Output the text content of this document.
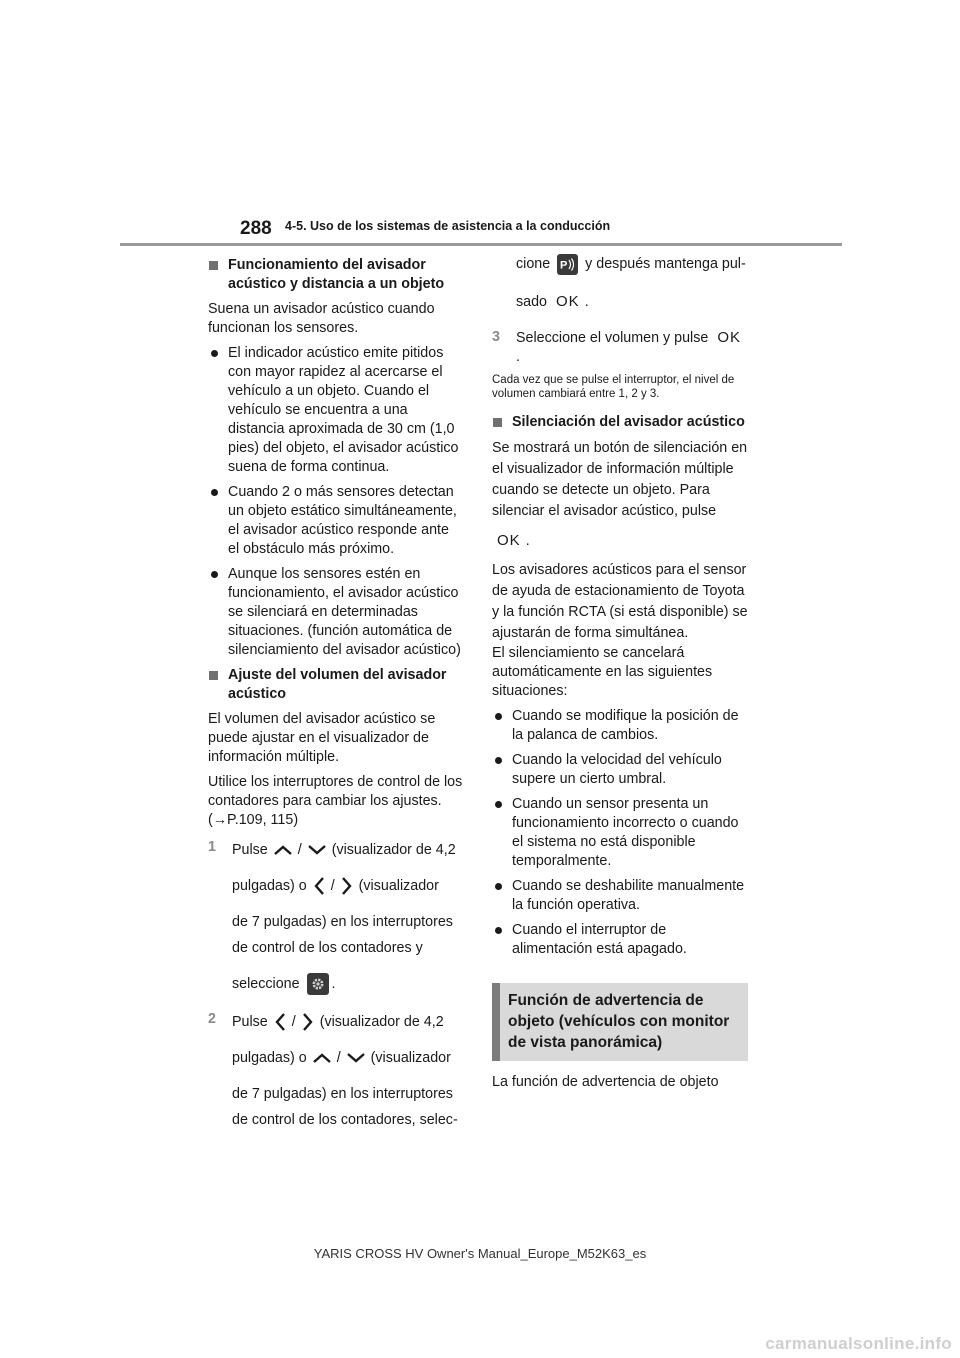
288 4-5. Uso de los sistemas de asistencia a la conducción
Funcionamiento del avisador acústico y distancia a un objeto

Suena un avisador acústico cuando funcionan los sensores.

El indicador acústico emite pitidos con mayor rapidez al acercarse el vehículo a un objeto. Cuando el vehículo se encuentra a una distancia aproximada de 30 cm (1,0 pies) del objeto, el avisador acústico suena de forma continua.
Cuando 2 o más sensores detectan un objeto estático simultáneamente, el avisador acústico responde ante el obstáculo más próximo.
Aunque los sensores estén en funcionamiento, el avisador acústico se silenciará en determinadas situaciones. (función automática de silenciamiento del avisador acústico)
Ajuste del volumen del avisador acústico

El volumen del avisador acústico se puede ajustar en el visualizador de información múltiple.

Utilice los interruptores de control de los contadores para cambiar los ajustes. (→P.109, 115)

1 Pulse / (visualizador de 4,2
pulgadas) o / (visualizador
de 7 pulgadas) en los interruptores
de control de los contadores y
seleccione .
2 Pulse / (visualizador de 4,2
pulgadas) o / (visualizador
de 7 pulgadas) en los interruptores
de control de los contadores, selec-
cione P y después mantenga pul-
sado OK .
3 Seleccione el volumen y pulse OK.

Cada vez que se pulse el interruptor, el nivel de volumen cambiará entre 1, 2 y 3.

Silenciación del avisador acústico

Se mostrará un botón de silenciación en el visualizador de información múltiple cuando se detecte un objeto. Para silenciar el avisador acústico, pulse
OK .

Los avisadores acústicos para el sensor de ayuda de estacionamiento de Toyota y la función RCTA (si está disponible) se ajustarán de forma simultánea.

El silenciamiento se cancelará automáticamente en las siguientes situaciones:

Cuando se modifique la posición de la palanca de cambios.
Cuando la velocidad del vehículo supere un cierto umbral.
Cuando un sensor presenta un funcionamiento incorrecto o cuando el sistema no está disponible temporalmente.
Cuando se deshabilite manualmente la función operativa.
Cuando el interruptor de alimentación está apagado.
Función de advertencia de objeto (vehículos con monitor de vista panorámica)

La función de advertencia de objeto

YARIS CROSS HV Owner's Manual_Europe_M52K63_es
carmanualsonline.info
